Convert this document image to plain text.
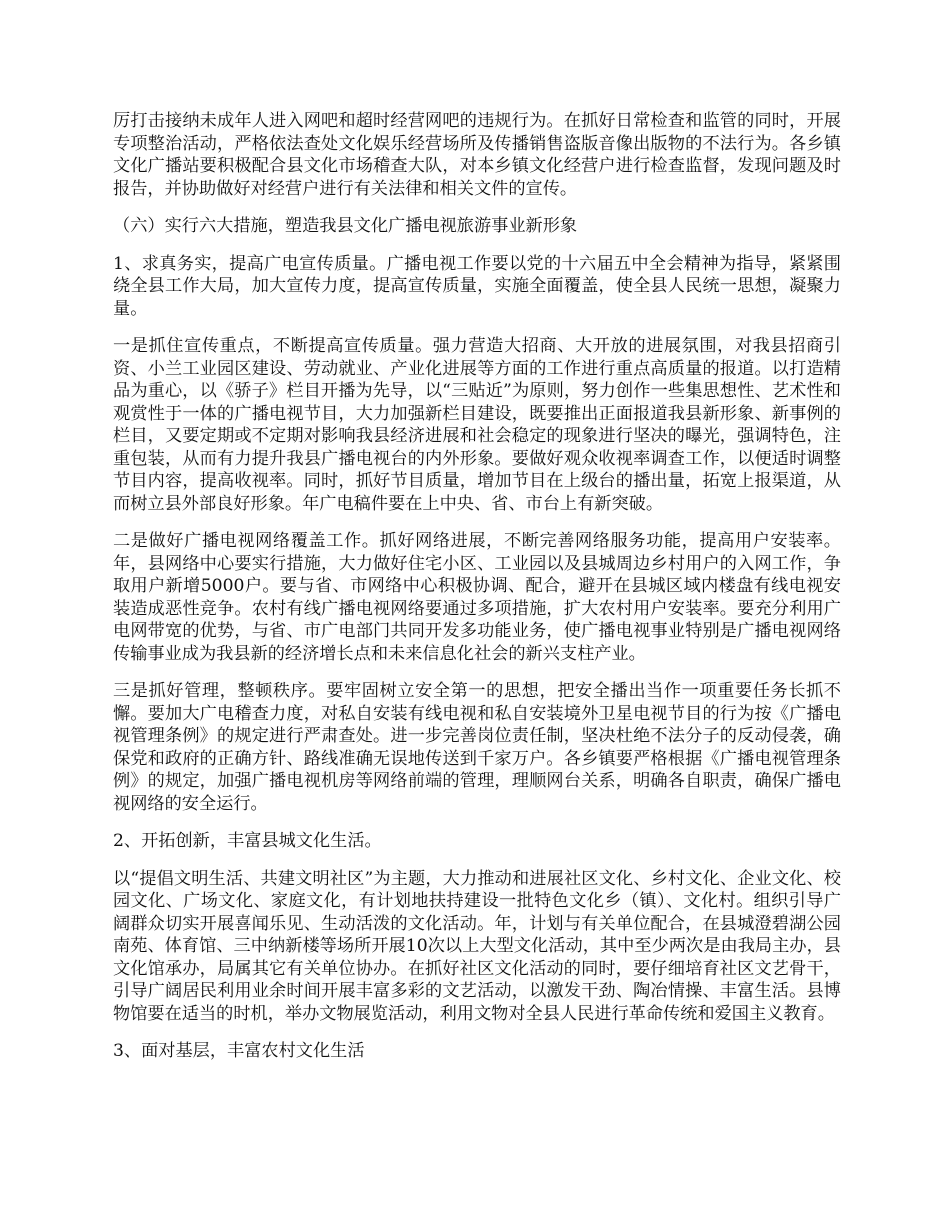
厉打击接纳未成年人进入网吧和超时经营网吧的违规行为。在抓好日常检查和监管的同时，开展专项整治活动，严格依法查处文化娱乐经营场所及传播销售盗版音像出版物的不法行为。各乡镇文化广播站要积极配合县文化市场稽查大队，对本乡镇文化经营户进行检查监督，发现问题及时报告，并协助做好对经营户进行有关法律和相关文件的宣传。

（六）实行六大措施，塑造我县文化广播电视旅游事业新形象

1、求真务实，提高广电宣传质量。广播电视工作要以党的十六届五中全会精神为指导，紧紧围绕全县工作大局，加大宣传力度，提高宣传质量，实施全面覆盖，使全县人民统一思想，凝聚力量。

一是抓住宣传重点，不断提高宣传质量。强力营造大招商、大开放的进展氛围，对我县招商引资、小兰工业园区建设、劳动就业、产业化进展等方面的工作进行重点高质量的报道。以打造精品为重心，以《骄子》栏目开播为先导，以“三贴近”为原则，努力创作一些集思想性、艺术性和观赏性于一体的广播电视节目，大力加强新栏目建设，既要推出正面报道我县新形象、新事例的栏目，又要定期或不定期对影响我县经济进展和社会稳定的现象进行坚决的曝光，强调特色，注重包装，从而有力提升我县广播电视台的内外形象。要做好观众收视率调查工作，以便适时调整节目内容，提高收视率。同时，抓好节目质量，增加节目在上级台的播出量，拓宽上报渠道，从而树立县外部良好形象。年广电稿件要在上中央、省、市台上有新突破。

二是做好广播电视网络覆盖工作。抓好网络进展，不断完善网络服务功能，提高用户安装率。年，县网络中心要实行措施，大力做好住宅小区、工业园以及县城周边乡村用户的入网工作，争取用户新增5000户。要与省、市网络中心积极协调、配合，避开在县城区域内楼盘有线电视安装造成恶性竞争。农村有线广播电视网络要通过多项措施，扩大农村用户安装率。要充分利用广电网带宽的优势，与省、市广电部门共同开发多功能业务，使广播电视事业特别是广播电视网络传输事业成为我县新的经济增长点和未来信息化社会的新兴支柱产业。

三是抓好管理，整顿秩序。要牢固树立安全第一的思想，把安全播出当作一项重要任务长抓不懈。要加大广电稽查力度，对私自安装有线电视和私自安装境外卫星电视节目的行为按《广播电视管理条例》的规定进行严肃查处。进一步完善岗位责任制，坚决杜绝不法分子的反动侵袭，确保党和政府的正确方针、路线准确无误地传送到千家万户。各乡镇要严格根据《广播电视管理条例》的规定，加强广播电视机房等网络前端的管理，理顺网台关系，明确各自职责，确保广播电视网络的安全运行。

2、开拓创新，丰富县城文化生活。

以“提倡文明生活、共建文明社区”为主题，大力推动和进展社区文化、乡村文化、企业文化、校园文化、广场文化、家庭文化，有计划地扶持建设一批特色文化乡（镇）、文化村。组织引导广阔群众切实开展喜闻乐见、生动活泼的文化活动。年，计划与有关单位配合，在县城澄碧湖公园南苑、体育馆、三中纳新楼等场所开展10次以上大型文化活动，其中至少两次是由我局主办，县文化馆承办，局属其它有关单位协办。在抓好社区文化活动的同时，要仔细培育社区文艺骨干，引导广阔居民利用业余时间开展丰富多彩的文艺活动，以激发干劲、陶冶情操、丰富生活。县博物馆要在适当的时机，举办文物展览活动，利用文物对全县人民进行革命传统和爱国主义教育。

3、面对基层，丰富农村文化生活
